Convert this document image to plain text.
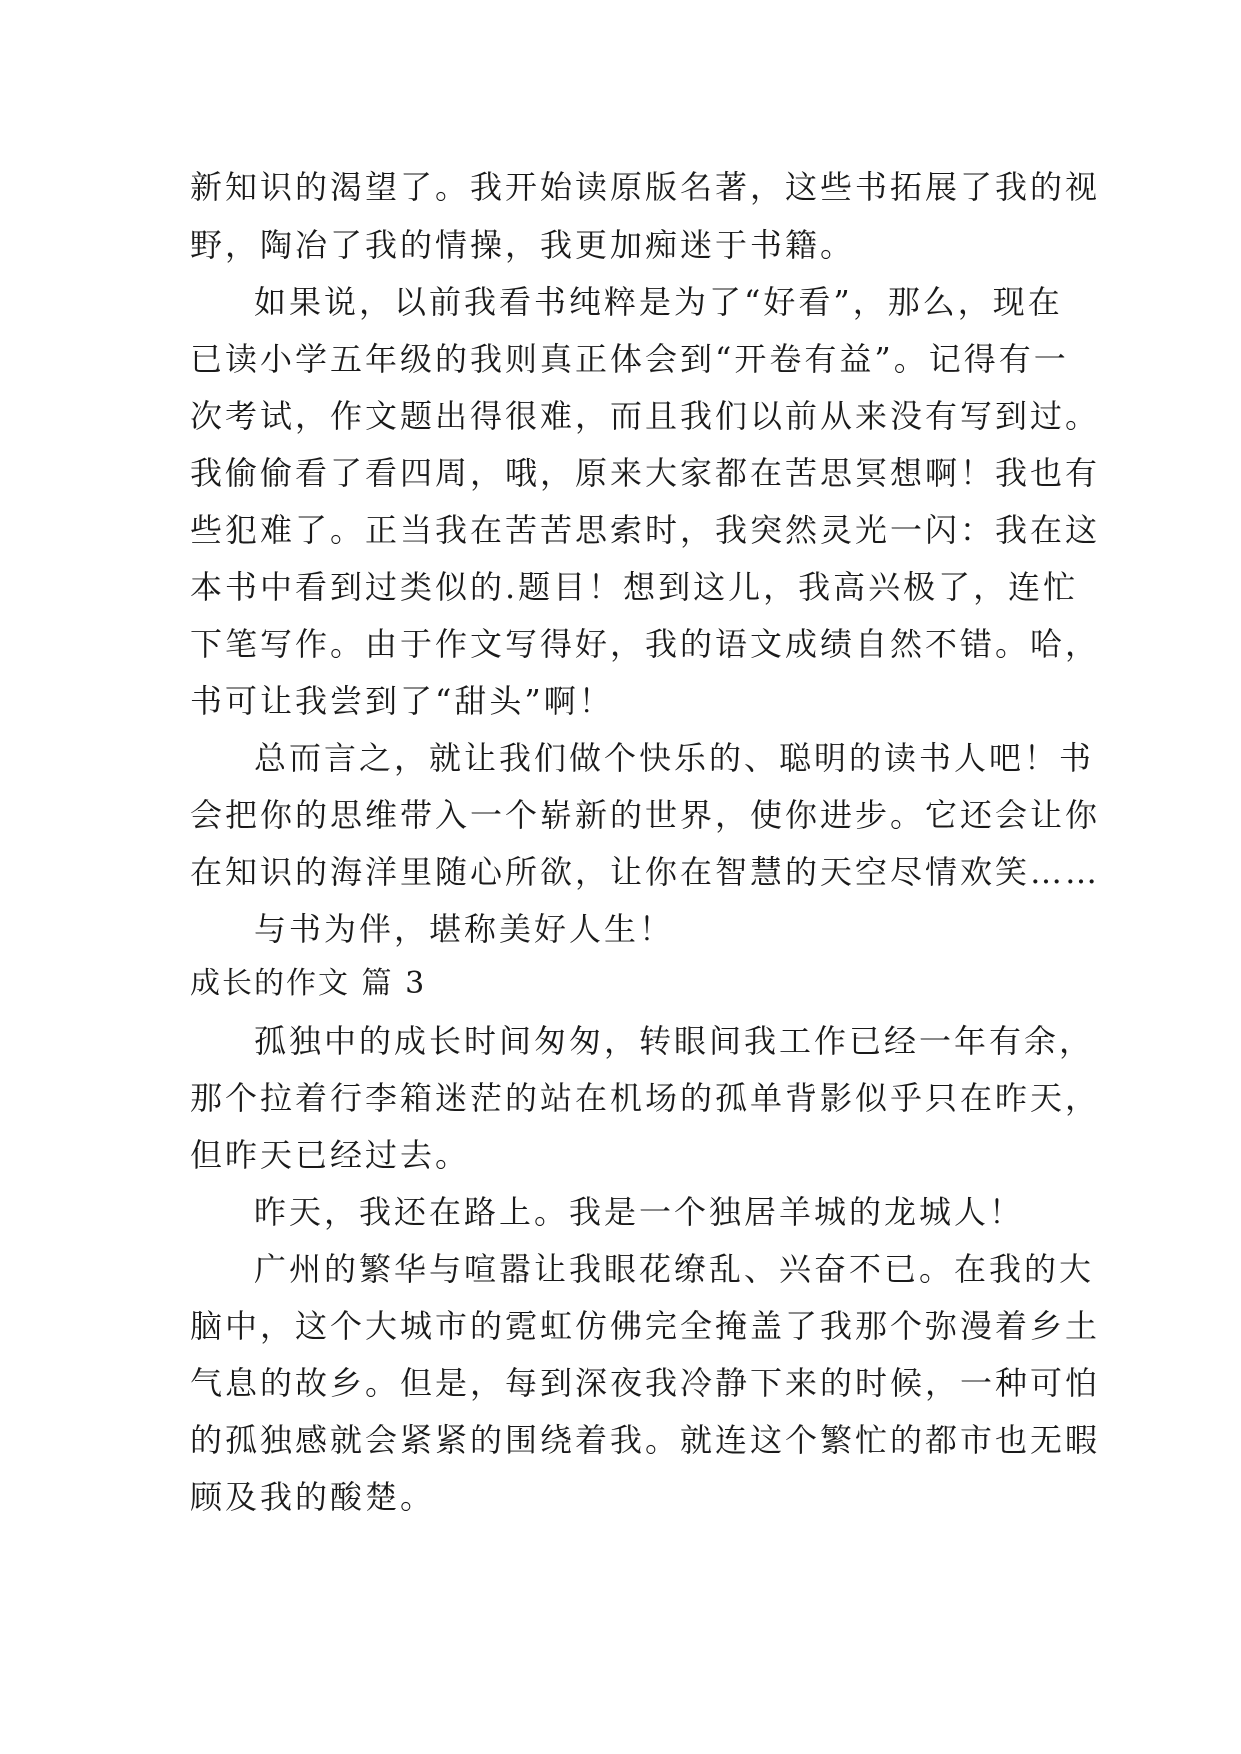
新知识的渴望了。我开始读原版名著，这些书拓展了我的视
野，陶冶了我的情操，我更加痴迷于书籍。
如果说，以前我看书纯粹是为了“好看”，那么，现在
已读小学五年级的我则真正体会到“开卷有益”。记得有一
次考试，作文题出得很难，而且我们以前从来没有写到过。
我偷偷看了看四周，哦，原来大家都在苦思冥想啊！我也有
些犯难了。正当我在苦苦思索时，我突然灵光一闪：我在这
本书中看到过类似的.题目！想到这儿，我高兴极了，连忙
下笔写作。由于作文写得好，我的语文成绩自然不错。哈，
书可让我尝到了“甜头”啊！
总而言之，就让我们做个快乐的、聪明的读书人吧！书
会把你的思维带入一个崭新的世界，使你进步。它还会让你
在知识的海洋里随心所欲，让你在智慧的天空尽情欢笑……
与书为伴，堪称美好人生！
成长的作文 篇 3
孤独中的成长时间匆匆，转眼间我工作已经一年有余，
那个拉着行李箱迷茫的站在机场的孤单背影似乎只在昨天，
但昨天已经过去。
昨天，我还在路上。我是一个独居羊城的龙城人！
广州的繁华与喧嚣让我眼花缭乱、兴奋不已。在我的大
脑中，这个大城市的霓虹仿佛完全掩盖了我那个弥漫着乡土
气息的故乡。但是，每到深夜我冷静下来的时候，一种可怕
的孤独感就会紧紧的围绕着我。就连这个繁忙的都市也无暇
顾及我的酸楚。
